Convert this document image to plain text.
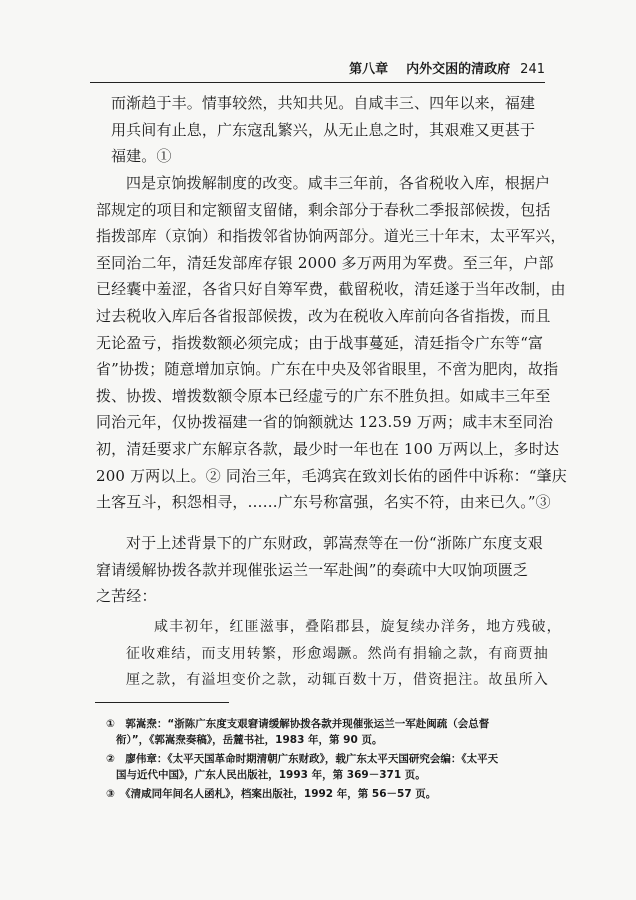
第八章 内外交困的清政府 241
而渐趋于丰。情事较然，共知共见。自咸丰三、四年以来，福建
用兵间有止息，广东寇乱繁兴，从无止息之时，其艰难又更甚于
福建。①
四是京饷拨解制度的改变。咸丰三年前，各省税收入库，根据户
部规定的项目和定额留支留储，剩余部分于春秋二季报部候拨，包括
指拨部库（京饷）和指拨邻省协饷两部分。道光三十年末，太平军兴，
至同治二年，清廷发部库存银 2000 多万两用为军费。至三年，户部
已经囊中羞涩，各省只好自筹军费，截留税收，清廷遂于当年改制，由
过去税收入库后各省报部候拨，改为在税收入库前向各省指拨，而且
无论盈亏，指拨数额必须完成；由于战事蔓延，清廷指令广东等“富
省”协拨；随意增加京饷。广东在中央及邻省眼里，不啻为肥肉，故指
拨、协拨、增拨数额令原本已经虚亏的广东不胜负担。如咸丰三年至
同治元年，仅协拨福建一省的饷额就达 123.59 万两；咸丰末至同治
初，清廷要求广东解京各款，最少时一年也在 100 万两以上，多时达
200 万两以上。② 同治三年，毛鸿宾在致刘长佑的函件中诉称：“肇庆
土客互斗，积怨相寻，……广东号称富强，名实不符，由来已久。”③
对于上述背景下的广东财政，郭嵩焘等在一份“浙陈广东度支艰
窘请缓解协拨各款并现催张运兰一军赴闽”的奏疏中大叹饷项匮乏
之苦经：
咸丰初年，红匪滋事，叠陷郡县，旋复续办洋务，地方残破，
征收难结，而支用转繁，形愈竭蹶。然尚有捐输之款，有商贾抽
厘之款，有溢坦变价之款，动辄百数十万，借资挹注。故虽所入
①　郭嵩焘：“浙陈广东度支艰窘请缓解协拨各款并现催张运兰一军赴闽疏（会总督
衔）”，《郭嵩焘奏稿》，岳麓书社，1983 年，第 90 页。
②　廖伟章：《太平天国革命时期清朝广东财政》，载广东太平天国研究会编：《太平天
国与近代中国》，广东人民出版社，1993 年，第 369－371 页。
③　《清咸同年间名人函札》，档案出版社，1992 年，第 56－57 页。
